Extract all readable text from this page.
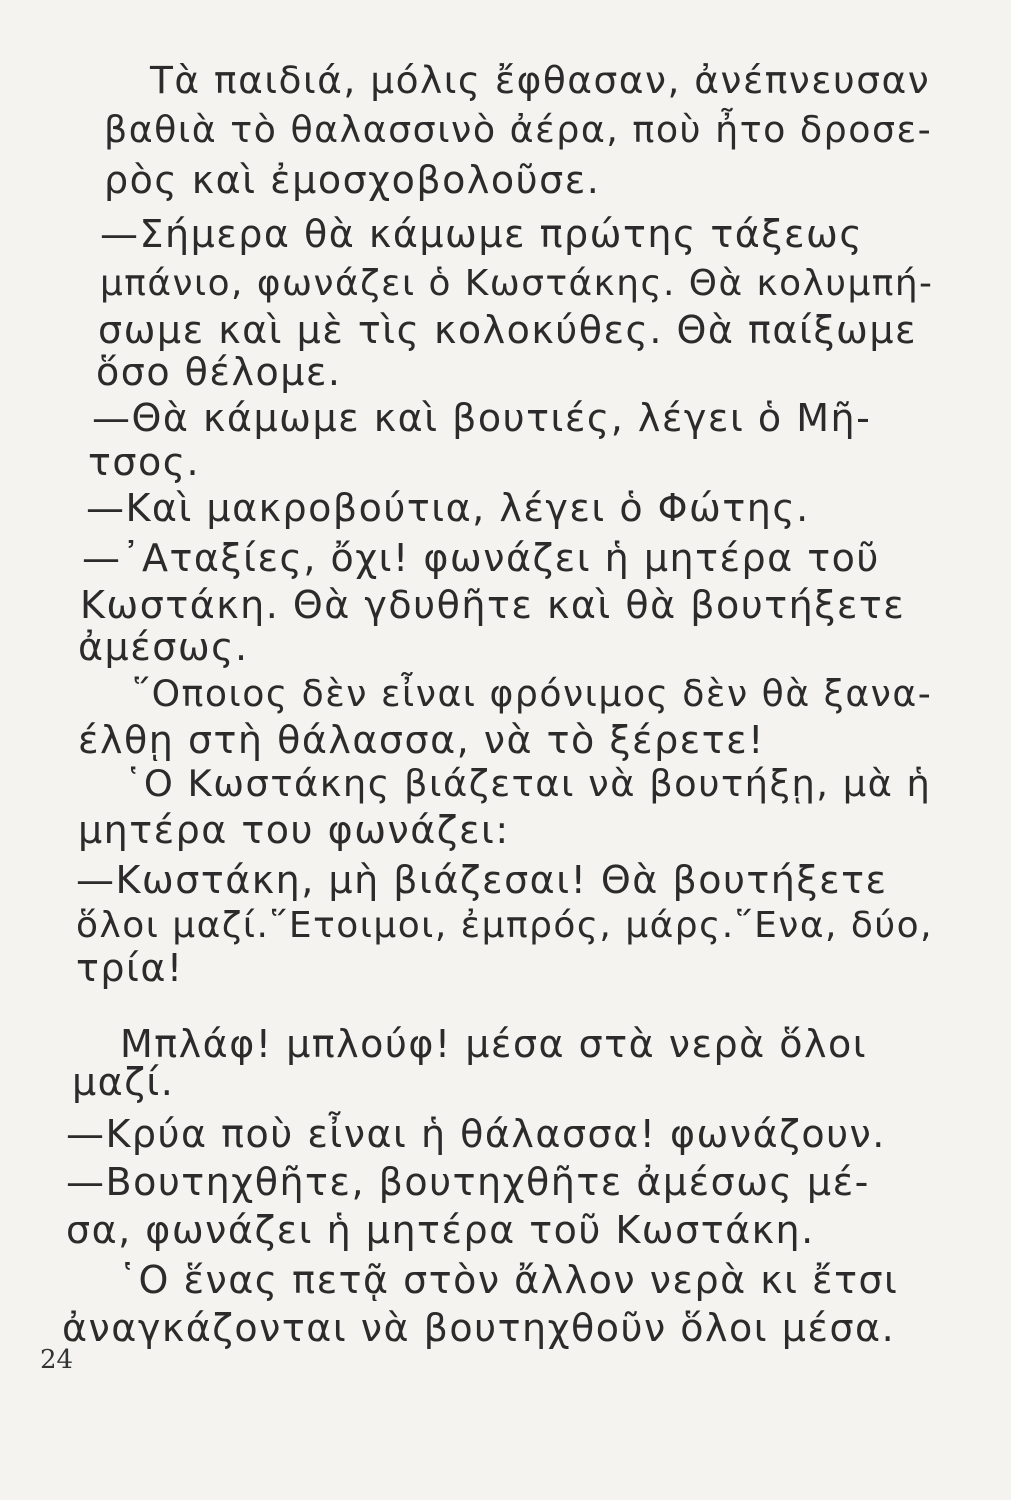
Τὰ παιδιά, μόλις ἔφθασαν, ἀνέπνευσαν
βαθιὰ τὸ θαλασσινὸ ἀέρα, ποὺ ἦτο δροσε-
ρὸς καὶ ἐμοσχοβολοῦσε.
—Σήμερα θὰ κάμωμε πρώτης τάξεως
μπάνιο, φωνάζει ὁ Κωστάκης. Θὰ κολυμπή-
σωμε καὶ μὲ τὶς κολοκύθες. Θὰ παίξωμε
ὅσο θέλομε.
—Θὰ κάμωμε καὶ βουτιές, λέγει ὁ Μῆ-
τσος.
—Καὶ μακροβούτια, λέγει ὁ Φώτης.
—᾿Αταξίες, ὄχι! φωνάζει ἡ μητέρα τοῦ
Κωστάκη. Θὰ γδυθῆτε καὶ θὰ βουτήξετε
ἀμέσως.
῞Οποιος δὲν εἶναι φρόνιμος δὲν θὰ ξανα-
έλθῃ στὴ θάλασσα, νὰ τὸ ξέρετε!
῾Ο Κωστάκης βιάζεται νὰ βουτήξῃ, μὰ ἡ
μητέρα του φωνάζει:
—Κωστάκη, μὴ βιάζεσαι! Θὰ βουτήξετε
ὅλοι μαζί.῞Ετοιμοι, ἐμπρός, μάρς.῞Ενα, δύο,
τρία!
Μπλάφ! μπλούφ! μέσα στὰ νερὰ ὅλοι
μαζί.
—Κρύα ποὺ εἶναι ἡ θάλασσα! φωνάζουν.
—Βουτηχθῆτε, βουτηχθῆτε ἀμέσως μέ-
σα, φωνάζει ἡ μητέρα τοῦ Κωστάκη.
῾Ο ἕνας πετᾷ στὸν ἄλλον νερὰ κι ἔτσι
ἀναγκάζονται νὰ βουτηχθοῦν ὅλοι μέσα.
24
